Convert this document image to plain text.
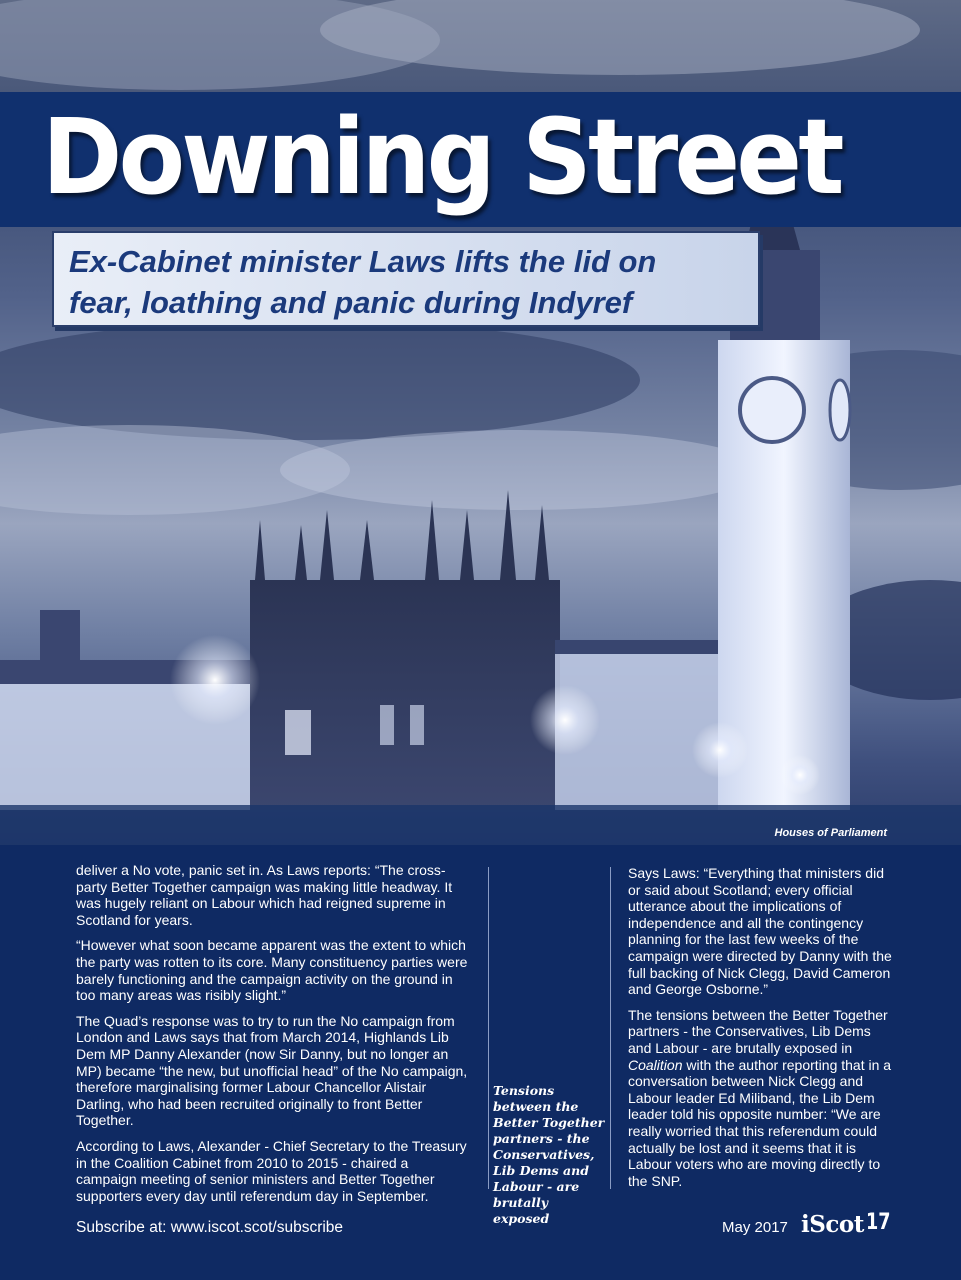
Downing Street
Ex-Cabinet minister Laws lifts the lid on
fear, loathing and panic during Indyref
Houses of Parliament

deliver a No vote, panic set in. As Laws reports: “The cross-party Better Together campaign was making little headway. It was hugely reliant on Labour which had reigned supreme in Scotland for years.

“However what soon became apparent was the extent to which the party was rotten to its core. Many constituency parties were barely functioning and the campaign activity on the ground in too many areas was risibly slight.”

The Quad’s response was to try to run the No campaign from London and Laws says that from March 2014, Highlands Lib Dem MP Danny Alexander (now Sir Danny, but no longer an MP) became “the new, but unofficial head” of the No campaign, therefore marginalising former Labour Chancellor Alistair Darling, who had been recruited originally to front Better Together.

According to Laws, Alexander - Chief Secretary to the Treasury in the Coalition Cabinet from 2010 to 2015 - chaired a campaign meeting of senior ministers and Better Together supporters every day until referendum day in September.

Tensions between the Better Together partners - the Conservatives, Lib Dems and Labour - are brutally exposed

Says Laws: “Everything that ministers did or said about Scotland; every official utterance about the implications of independence and all the contingency planning for the last few weeks of the campaign were directed by Danny with the full backing of Nick Clegg, David Cameron and George Osborne.”

The tensions between the Better Together partners - the Conservatives, Lib Dems and Labour - are brutally exposed in Coalition with the author reporting that in a conversation between Nick Clegg and Labour leader Ed Miliband, the Lib Dem leader told his opposite number: “We are really worried that this referendum could actually be lost and it seems that it is Labour voters who are moving directly to the SNP.

Subscribe at: www.iscot.scot/subscribe	May 2017 iScot 17
